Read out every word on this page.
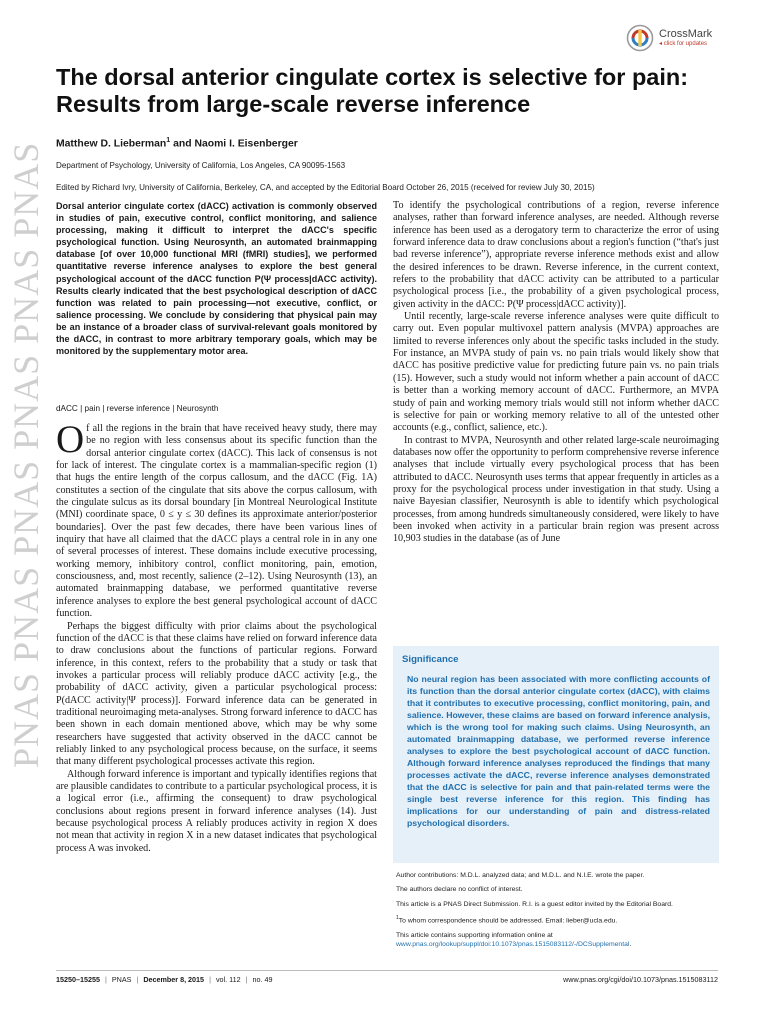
PNAS PNAS PNAS PNAS PNAS PNAS
CrossMark
◂ click for updates
The dorsal anterior cingulate cortex is selective for pain: Results from large-scale reverse inference
Matthew D. Lieberman$^1$ and Naomi I. Eisenberger
Department of Psychology, University of California, Los Angeles, CA 90095-1563
Edited by Richard Ivry, University of California, Berkeley, CA, and accepted by the Editorial Board October 26, 2015 (received for review July 30, 2015)

Dorsal anterior cingulate cortex (dACC) activation is commonly observed in studies of pain, executive control, conflict monitoring, and salience processing, making it difficult to interpret the dACC's specific psychological function. Using Neurosynth, an automated brainmapping database [of over 10,000 functional MRI (fMRI) studies], we performed quantitative reverse inference analyses to explore the best general psychological account of the dACC function P(Ψ process|dACC activity). Results clearly indicated that the best psychological description of dACC function was related to pain processing—not executive, conflict, or salience processing. We conclude by considering that physical pain may be an instance of a broader class of survival-relevant goals monitored by the dACC, in contrast to more arbitrary temporary goals, which may be monitored by the supplementary motor area.

dACC | pain | reverse inference | Neurosynth

Of all the regions in the brain that have received heavy study, there may be no region with less consensus about its specific function than the dorsal anterior cingulate cortex (dACC). This lack of consensus is not for lack of interest. The cingulate cortex is a mammalian-specific region (1) that hugs the entire length of the corpus callosum, and the dACC (Fig. 1A) constitutes a section of the cingulate that sits above the corpus callosum, with the cingulate sulcus as its dorsal boundary [in Montreal Neurological Institute (MNI) coordinate space, 0 ≤ y ≤ 30 defines its approximate anterior/posterior boundaries]. Over the past few decades, there have been various lines of inquiry that have all claimed that the dACC plays a central role in in any one of several processes of interest. These domains include executive processing, working memory, inhibitory control, conflict monitoring, pain, emotion, consciousness, and, most recently, salience (2–12). Using Neurosynth (13), an automated brainmapping database, we performed quantitative reverse inference analyses to explore the best general psychological account of dACC function.

Perhaps the biggest difficulty with prior claims about the psychological function of the dACC is that these claims have relied on forward inference data to draw conclusions about the functions of particular regions. Forward inference, in this context, refers to the probability that a study or task that invokes a particular process will reliably produce dACC activity [e.g., the probability of dACC activity, given a particular psychological process: P(dACC activity|Ψ process)]. Forward inference data can be generated in traditional neuroimaging meta-analyses. Strong forward inference to dACC has been shown in each domain mentioned above, which may be why some researchers have suggested that activity observed in the dACC cannot be reliably linked to any psychological process because, on the surface, it seems that many different psychological processes activate this region.

Although forward inference is important and typically identifies regions that are plausible candidates to contribute to a particular psychological process, it is a logical error (i.e., affirming the consequent) to draw psychological conclusions about regions present in forward inference analyses (14). Just because psychological process A reliably produces activity in region X does not mean that activity in region X in a new dataset indicates that psychological process A was invoked.

To identify the psychological contributions of a region, reverse inference analyses, rather than forward inference analyses, are needed. Although reverse inference has been used as a derogatory term to characterize the error of using forward inference data to draw conclusions about a region's function (“that's just bad reverse inference”), appropriate reverse inference methods exist and allow the desired inferences to be drawn. Reverse inference, in the current context, refers to the probability that dACC activity can be attributed to a particular psychological process [i.e., the probability of a given psychological process, given activity in the dACC: P(Ψ process|dACC activity)].

Until recently, large-scale reverse inference analyses were quite difficult to carry out. Even popular multivoxel pattern analysis (MVPA) approaches are limited to reverse inferences only about the specific tasks included in the study. For instance, an MVPA study of pain vs. no pain trials would likely show that dACC has positive predictive value for predicting future pain vs. no pain trials (15). However, such a study would not inform whether a pain account of dACC is better than a working memory account of dACC. Furthermore, an MVPA study of pain and working memory trials would still not inform whether dACC is selective for pain or working memory relative to all of the untested other accounts (e.g., conflict, salience, etc.).

In contrast to MVPA, Neurosynth and other related large-scale neuroimaging databases now offer the opportunity to perform comprehensive reverse inference analyses that include virtually every psychological process that has been attributed to dACC. Neurosynth uses terms that appear frequently in articles as a proxy for the psychological process under investigation in that study. Using a naive Bayesian classifier, Neurosynth is able to identify which psychological processes, from among hundreds simultaneously considered, were likely to have been invoked when activity in a particular brain region was present across 10,903 studies in the database (as of June

Significance

No neural region has been associated with more conflicting accounts of its function than the dorsal anterior cingulate cortex (dACC), with claims that it contributes to executive processing, conflict monitoring, pain, and salience. However, these claims are based on forward inference analysis, which is the wrong tool for making such claims. Using Neurosynth, an automated brainmapping database, we performed reverse inference analyses to explore the best psychological account of dACC function. Although forward inference analyses reproduced the findings that many processes activate the dACC, reverse inference analyses demonstrated that the dACC is selective for pain and that pain-related terms were the single best reverse inference for this region. This finding has implications for our understanding of pain and distress-related psychological disorders.

Author contributions: M.D.L. analyzed data; and M.D.L. and N.I.E. wrote the paper.

The authors declare no conflict of interest.

This article is a PNAS Direct Submission. R.I. is a guest editor invited by the Editorial Board.

$^1$To whom correspondence should be addressed. Email: lieber@ucla.edu.

This article contains supporting information online at www.pnas.org/lookup/suppl/doi:10.1073/pnas.1515083112/-/DCSupplemental.

15250–15255 | PNAS | December 8, 2015 | vol. 112 | no. 49	www.pnas.org/cgi/doi/10.1073/pnas.1515083112
